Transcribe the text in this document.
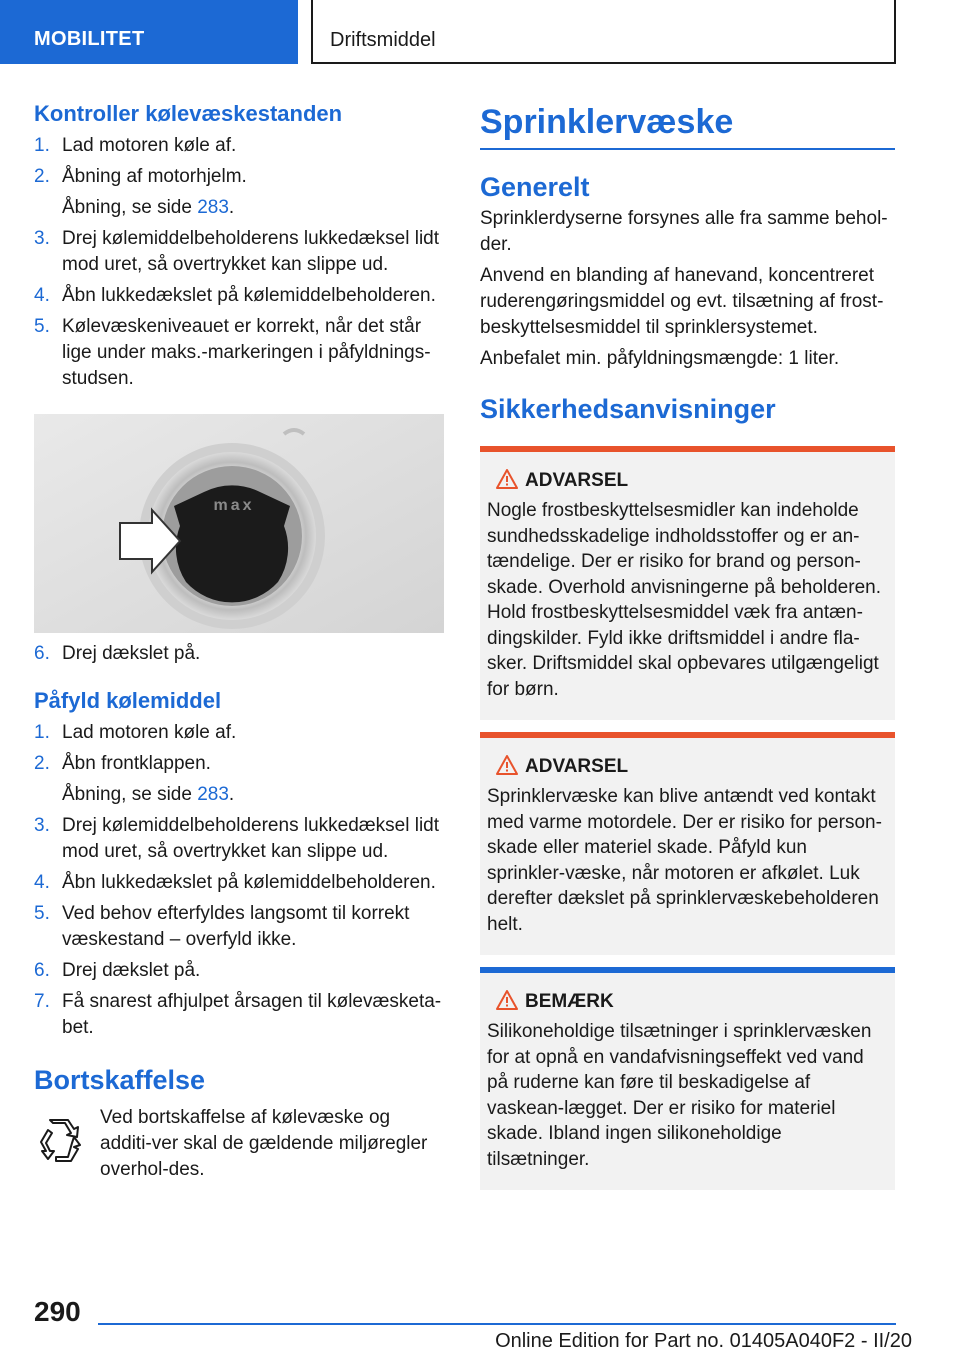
MOBILITET	Driftsmiddel
Kontroller kølevæskestanden
1. Lad motoren køle af.
2. Åbning af motorhjelm.
Åbning, se side 283.
3. Drej kølemiddelbeholderens lukkedæksel lidt mod uret, så overtrykket kan slippe ud.
4. Åbn lukkedækslet på kølemiddelbeholderen.
5. Kølevæskeniveauet er korrekt, når det står lige under maks.-markeringen i påfyldnings-studsen.
max
6. Drej dækslet på.
Påfyld kølemiddel
1. Lad motoren køle af.
2. Åbn frontklappen.
Åbning, se side 283.
3. Drej kølemiddelbeholderens lukkedæksel lidt mod uret, så overtrykket kan slippe ud.
4. Åbn lukkedækslet på kølemiddelbeholderen.
5. Ved behov efterfyldes langsomt til korrekt væskestand – overfyld ikke.
6. Drej dækslet på.
7. Få snarest afhjulpet årsagen til kølevæsketa-bet.
Bortskaffelse

Ved bortskaffelse af kølevæske og additi-ver skal de gældende miljøregler overhol-des.

Sprinklervæske
Generelt

Sprinklerdyserne forsynes alle fra samme behol-der.

Anvend en blanding af hanevand, koncentreret ruderengøringsmiddel og evt. tilsætning af frost-beskyttelsesmiddel til sprinklersystemet.

Anbefalet min. påfyldningsmængde: 1 liter.

Sikkerhedsanvisninger
ADVARSEL

Nogle frostbeskyttelsesmidler kan indeholde sundhedsskadelige indholdsstoffer og er an-tændelige. Der er risiko for brand og person-skade. Overhold anvisningerne på beholderen. Hold frostbeskyttelsesmiddel væk fra antæn-dingskilder. Fyld ikke driftsmiddel i andre fla-sker. Driftsmiddel skal opbevares utilgængeligt for børn.

ADVARSEL

Sprinklervæske kan blive antændt ved kontakt med varme motordele. Der er risiko for person-skade eller materiel skade. Påfyld kun sprinkler-væske, når motoren er afkølet. Luk derefter dækslet på sprinklervæskebeholderen helt.

BEMÆRK

Silikoneholdige tilsætninger i sprinklervæsken for at opnå en vandafvisningseffekt ved vand på ruderne kan føre til beskadigelse af vaskean-lægget. Der er risiko for materiel skade. Ibland ingen silikoneholdige tilsætninger.

290
Online Edition for Part no. 01405A040F2 - II/20
